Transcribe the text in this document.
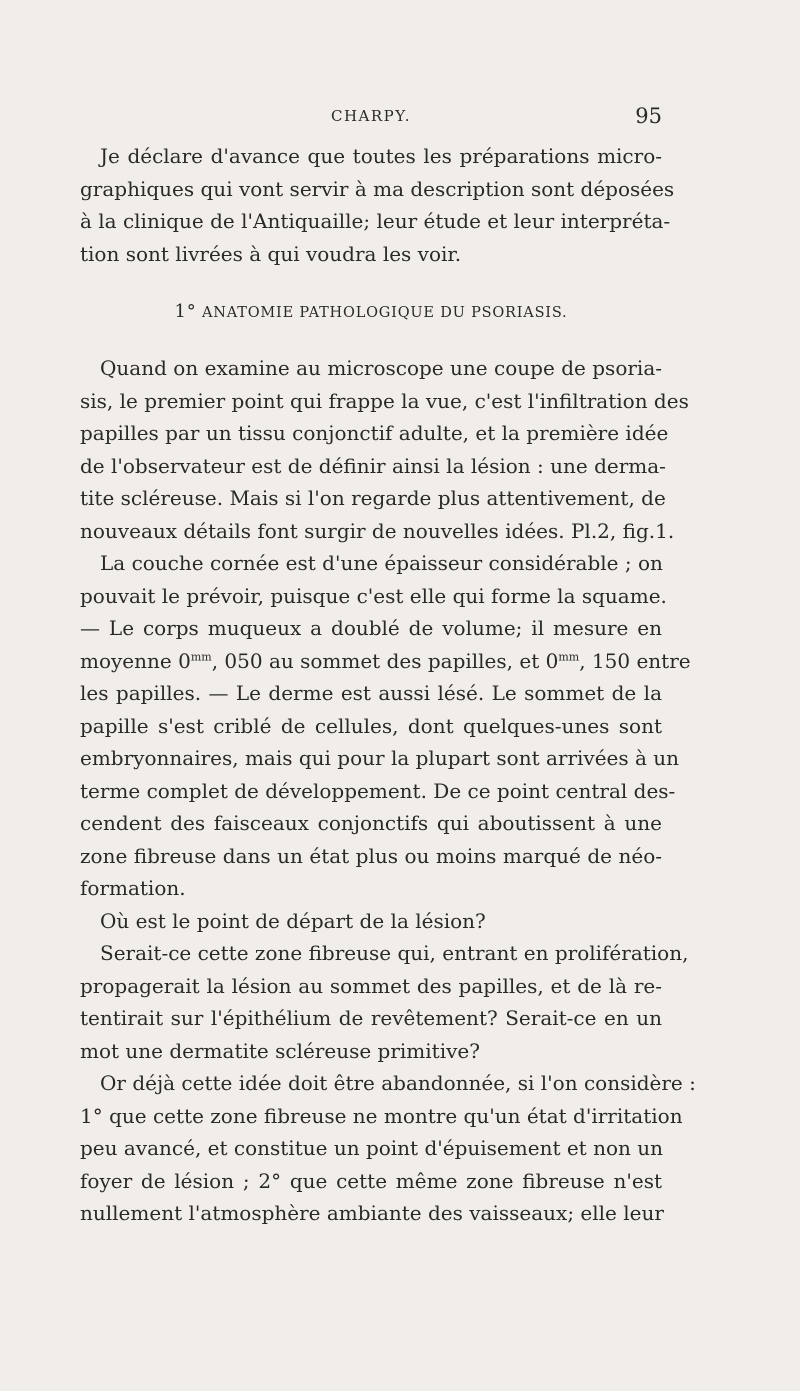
CHARPY.	95
Je déclare d'avance que toutes les préparations micro-
graphiques qui vont servir à ma description sont déposées
à la clinique de l'Antiquaille; leur étude et leur interpréta-
tion sont livrées à qui voudra les voir.
1° ANATOMIE PATHOLOGIQUE DU PSORIASIS.
Quand on examine au microscope une coupe de psoria-
sis, le premier point qui frappe la vue, c'est l'infiltration des
papilles par un tissu conjonctif adulte, et la première idée
de l'observateur est de définir ainsi la lésion : une derma-
tite scléreuse. Mais si l'on regarde plus attentivement, de
nouveaux détails font surgir de nouvelles idées. Pl.2, fig.1.
La couche cornée est d'une épaisseur considérable ; on
pouvait le prévoir, puisque c'est elle qui forme la squame.
— Le corps muqueux a doublé de volume; il mesure en
moyenne $0^{mm}$, 050 au sommet des papilles, et $0^{mm}$, 150 entre
les papilles. — Le derme est aussi lésé. Le sommet de la
papille s'est criblé de cellules, dont quelques-unes sont
embryonnaires, mais qui pour la plupart sont arrivées à un
terme complet de développement. De ce point central des-
cendent des faisceaux conjonctifs qui aboutissent à une
zone fibreuse dans un état plus ou moins marqué de néo-
formation.
Où est le point de départ de la lésion?
Serait-ce cette zone fibreuse qui, entrant en prolifération,
propagerait la lésion au sommet des papilles, et de là re-
tentirait sur l'épithélium de revêtement? Serait-ce en un
mot une dermatite scléreuse primitive?
Or déjà cette idée doit être abandonnée, si l'on considère :
1° que cette zone fibreuse ne montre qu'un état d'irritation
peu avancé, et constitue un point d'épuisement et non un
foyer de lésion ; 2° que cette même zone fibreuse n'est
nullement l'atmosphère ambiante des vaisseaux; elle leur
